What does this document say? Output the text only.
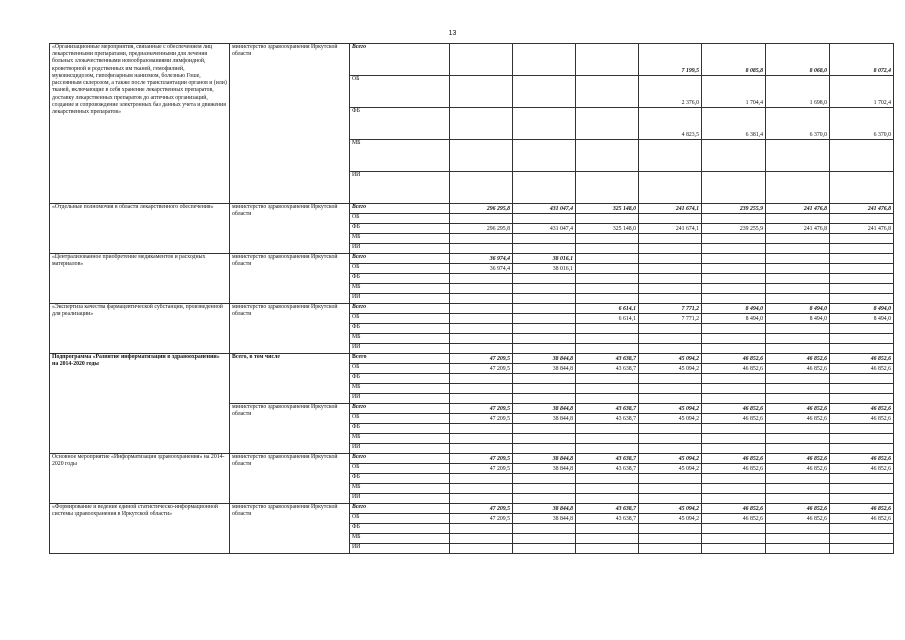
13
«Организационные мероприятия, связанные с обеспечением лиц лекарственными препаратами, предназначенными для лечения больных злокачественными новообразованиями лимфоидной, кроветворной и родственных им тканей, гемофилией, муковисцидозом, гипофизарным нанизмом, болезнью Гоше, рассеянным склерозом, а также после трансплантации органов и (или) тканей, включающие в себя хранение лекарственных препаратов, доставку лекарственных препаратов до аптечных организаций, создание и сопровождение электронных баз данных учета и движения лекарственных препаратов»	министерство здравоохранения Иркутской области	Всего				7 199,5	8 085,8	8 068,0	8 072,4
		ОБ				2 376,0	1 704,4	1 698,0	1 702,4
		ФБ				4 823,5	6 381,4	6 370,0	6 370,0
		МБ							
		ИИ							
«Отдельные полномочия в области лекарственного обеспечения»	министерство здравоохранения Иркутской области	Всего	296 295,8	431 047,4	325 148,0	241 674,1	239 255,9	241 476,8	241 476,8
		ОБ							
		ФБ	296 295,8	431 047,4	325 148,0	241 674,1	239 255,9	241 476,8	241 476,8
		МБ							
		ИИ							
«Централизованное приобретение медикаментов и расходных материалов»	министерство здравоохранения Иркутской области	Всего	36 974,4	38 016,1					
		ОБ	36 974,4	38 016,1					
		ФБ							
		МБ							
		ИИ							
«Экспертиза качества фармацевтической субстанции, произведенной для реализации»	министерство здравоохранения Иркутской области	Всего			6 614,1	7 771,2	8 494,0	8 494,0	8 494,0
		ОБ			6 614,1	7 771,2	8 494,0	8 494,0	8 494,0
		ФБ							
		МБ							
		ИИ							
Подпрограмма «Развитие информатизации в здравоохранении» на 2014-2020 годы	Всего, в том числе	Всего	47 209,5	38 844,8	43 638,7	45 094,2	46 852,6	46 852,6	46 852,6
		ОБ	47 209,5	38 844,8	43 638,7	45 094,2	46 852,6	46 852,6	46 852,6
		ФБ							
		МБ							
		ИИ							
	министерство здравоохранения Иркутской области	Всего	47 209,5	38 844,8	43 638,7	45 094,2	46 852,6	46 852,6	46 852,6
		ОБ	47 209,5	38 844,8	43 638,7	45 094,2	46 852,6	46 852,6	46 852,6
		ФБ							
		МБ							
		ИИ							
Основное мероприятие «Информатизация здравоохранения» на 2014-2020 годы	министерство здравоохранения Иркутской области	Всего	47 209,5	38 844,8	43 638,7	45 094,2	46 852,6	46 852,6	46 852,6
		ОБ	47 209,5	38 844,8	43 638,7	45 094,2	46 852,6	46 852,6	46 852,6
		ФБ							
		МБ							
		ИИ							
«Формирование и ведение единой статистическо-информационной системы здравоохранения в Иркутской области»	министерство здравоохранения Иркутской области	Всего	47 209,5	38 844,8	43 638,7	45 094,2	46 852,6	46 852,6	46 852,6
		ОБ	47 209,5	38 844,8	43 638,7	45 094,2	46 852,6	46 852,6	46 852,6
		ФБ							
		МБ							
		ИИ							
